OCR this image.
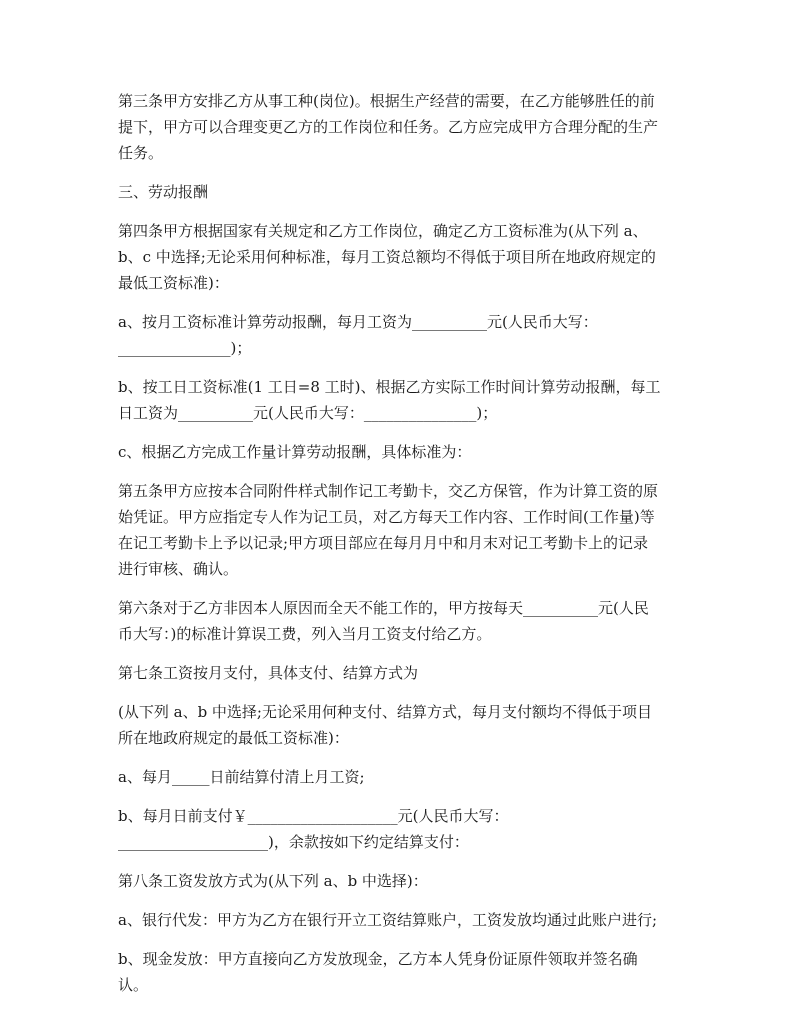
第三条甲方安排乙方从事工种(岗位)。根据生产经营的需要，在乙方能够胜任的前
提下，甲方可以合理变更乙方的工作岗位和任务。乙方应完成甲方合理分配的生产
任务。

三、劳动报酬

第四条甲方根据国家有关规定和乙方工作岗位，确定乙方工资标准为(从下列 a、
b、c 中选择;无论采用何种标准，每月工资总额均不得低于项目所在地政府规定的
最低工资标准)：

a、按月工资标准计算劳动报酬，每月工资为__________元(人民币大写：
_______________)；

b、按工日工资标准(1 工日=8 工时)、根据乙方实际工作时间计算劳动报酬，每工
日工资为__________元(人民币大写：_______________)；

c、根据乙方完成工作量计算劳动报酬，具体标准为：

第五条甲方应按本合同附件样式制作记工考勤卡，交乙方保管，作为计算工资的原
始凭证。甲方应指定专人作为记工员，对乙方每天工作内容、工作时间(工作量)等
在记工考勤卡上予以记录;甲方项目部应在每月月中和月末对记工考勤卡上的记录
进行审核、确认。

第六条对于乙方非因本人原因而全天不能工作的，甲方按每天__________元(人民
币大写：)的标准计算误工费，列入当月工资支付给乙方。

第七条工资按月支付，具体支付、结算方式为

(从下列 a、b 中选择;无论采用何种支付、结算方式，每月支付额均不得低于项目
所在地政府规定的最低工资标准)：

a、每月_____日前结算付清上月工资;

b、每月日前支付￥____________________元(人民币大写：
____________________)，余款按如下约定结算支付：

第八条工资发放方式为(从下列 a、b 中选择)：

a、银行代发：甲方为乙方在银行开立工资结算账户，工资发放均通过此账户进行;

b、现金发放：甲方直接向乙方发放现金，乙方本人凭身份证原件领取并签名确
认。
